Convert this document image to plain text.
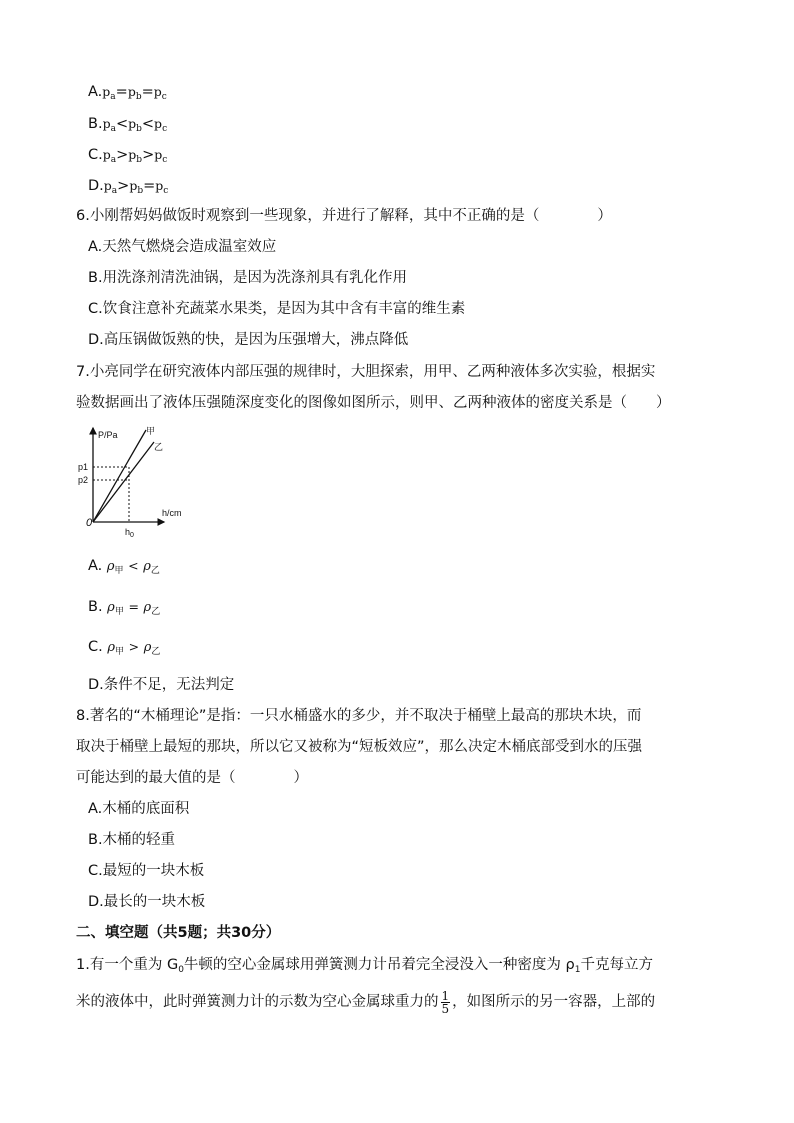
$A.p_a=p_b=p_c$
$B.p_a<p_b<p_c$
$C.p_a>p_b>p_c$
$D.p_a>p_b=p_c$
6.小刚帮妈妈做饭时观察到一些现象，并进行了解释，其中不正确的是（　　　　）
A.天然气燃烧会造成温室效应
B.用洗涤剂清洗油锅，是因为洗涤剂具有乳化作用
C.饮食注意补充蔬菜水果类，是因为其中含有丰富的维生素
D.高压锅做饭熟的快，是因为压强增大，沸点降低
7.小亮同学在研究液体内部压强的规律时，大胆探索，用甲、乙两种液体多次实验，根据实
验数据画出了液体压强随深度变化的图像如图所示，则甲、乙两种液体的密度关系是（　　）
P/Pa
h/cm
甲
乙
p1
p2
0
$h_0$
A. $\rho_甲 < \rho_乙$
B. $\rho_甲 = \rho_乙$
C. $\rho_甲 > \rho_乙$
D.条件不足，无法判定
8.著名的“木桶理论”是指：一只水桶盛水的多少，并不取决于桶壁上最高的那块木块，而
取决于桶壁上最短的那块，所以它又被称为“短板效应”，那么决定木桶底部受到水的压强
可能达到的最大值的是（　　　　）
A.木桶的底面积
B.木桶的轻重
C.最短的一块木板
D.最长的一块木板
二、填空题（共5题；共30分）
1.有一个重为 $G_0$牛顿的空心金属球用弹簧测力计吊着完全浸没入一种密度为 $\rho_1$千克每立方
米的液体中，此时弹簧测力计的示数为空心金属球重力的 $\frac{1}{5}$ ，如图所示的另一容器，上部的
